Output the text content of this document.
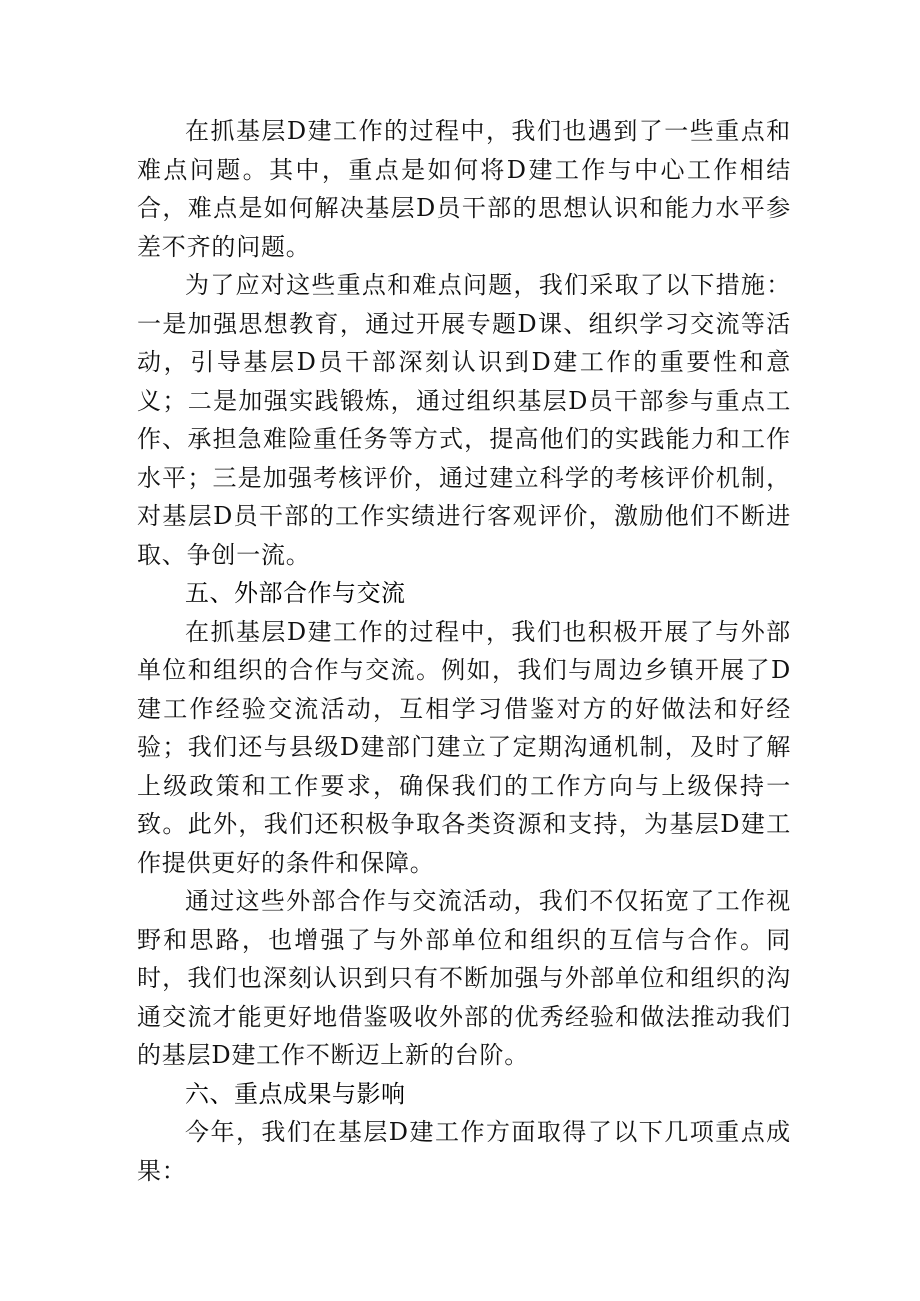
在抓基层D建工作的过程中，我们也遇到了一些重点和难点问题。其中，重点是如何将D建工作与中心工作相结合，难点是如何解决基层D员干部的思想认识和能力水平参差不齐的问题。

为了应对这些重点和难点问题，我们采取了以下措施：一是加强思想教育，通过开展专题D课、组织学习交流等活动，引导基层D员干部深刻认识到D建工作的重要性和意义；二是加强实践锻炼，通过组织基层D员干部参与重点工作、承担急难险重任务等方式，提高他们的实践能力和工作水平；三是加强考核评价，通过建立科学的考核评价机制，对基层D员干部的工作实绩进行客观评价，激励他们不断进取、争创一流。

五、外部合作与交流

在抓基层D建工作的过程中，我们也积极开展了与外部单位和组织的合作与交流。例如，我们与周边乡镇开展了D建工作经验交流活动，互相学习借鉴对方的好做法和好经验；我们还与县级D建部门建立了定期沟通机制，及时了解上级政策和工作要求，确保我们的工作方向与上级保持一致。此外，我们还积极争取各类资源和支持，为基层D建工作提供更好的条件和保障。

通过这些外部合作与交流活动，我们不仅拓宽了工作视野和思路，也增强了与外部单位和组织的互信与合作。同时，我们也深刻认识到只有不断加强与外部单位和组织的沟通交流才能更好地借鉴吸收外部的优秀经验和做法推动我们的基层D建工作不断迈上新的台阶。

六、重点成果与影响

今年，我们在基层D建工作方面取得了以下几项重点成果：
